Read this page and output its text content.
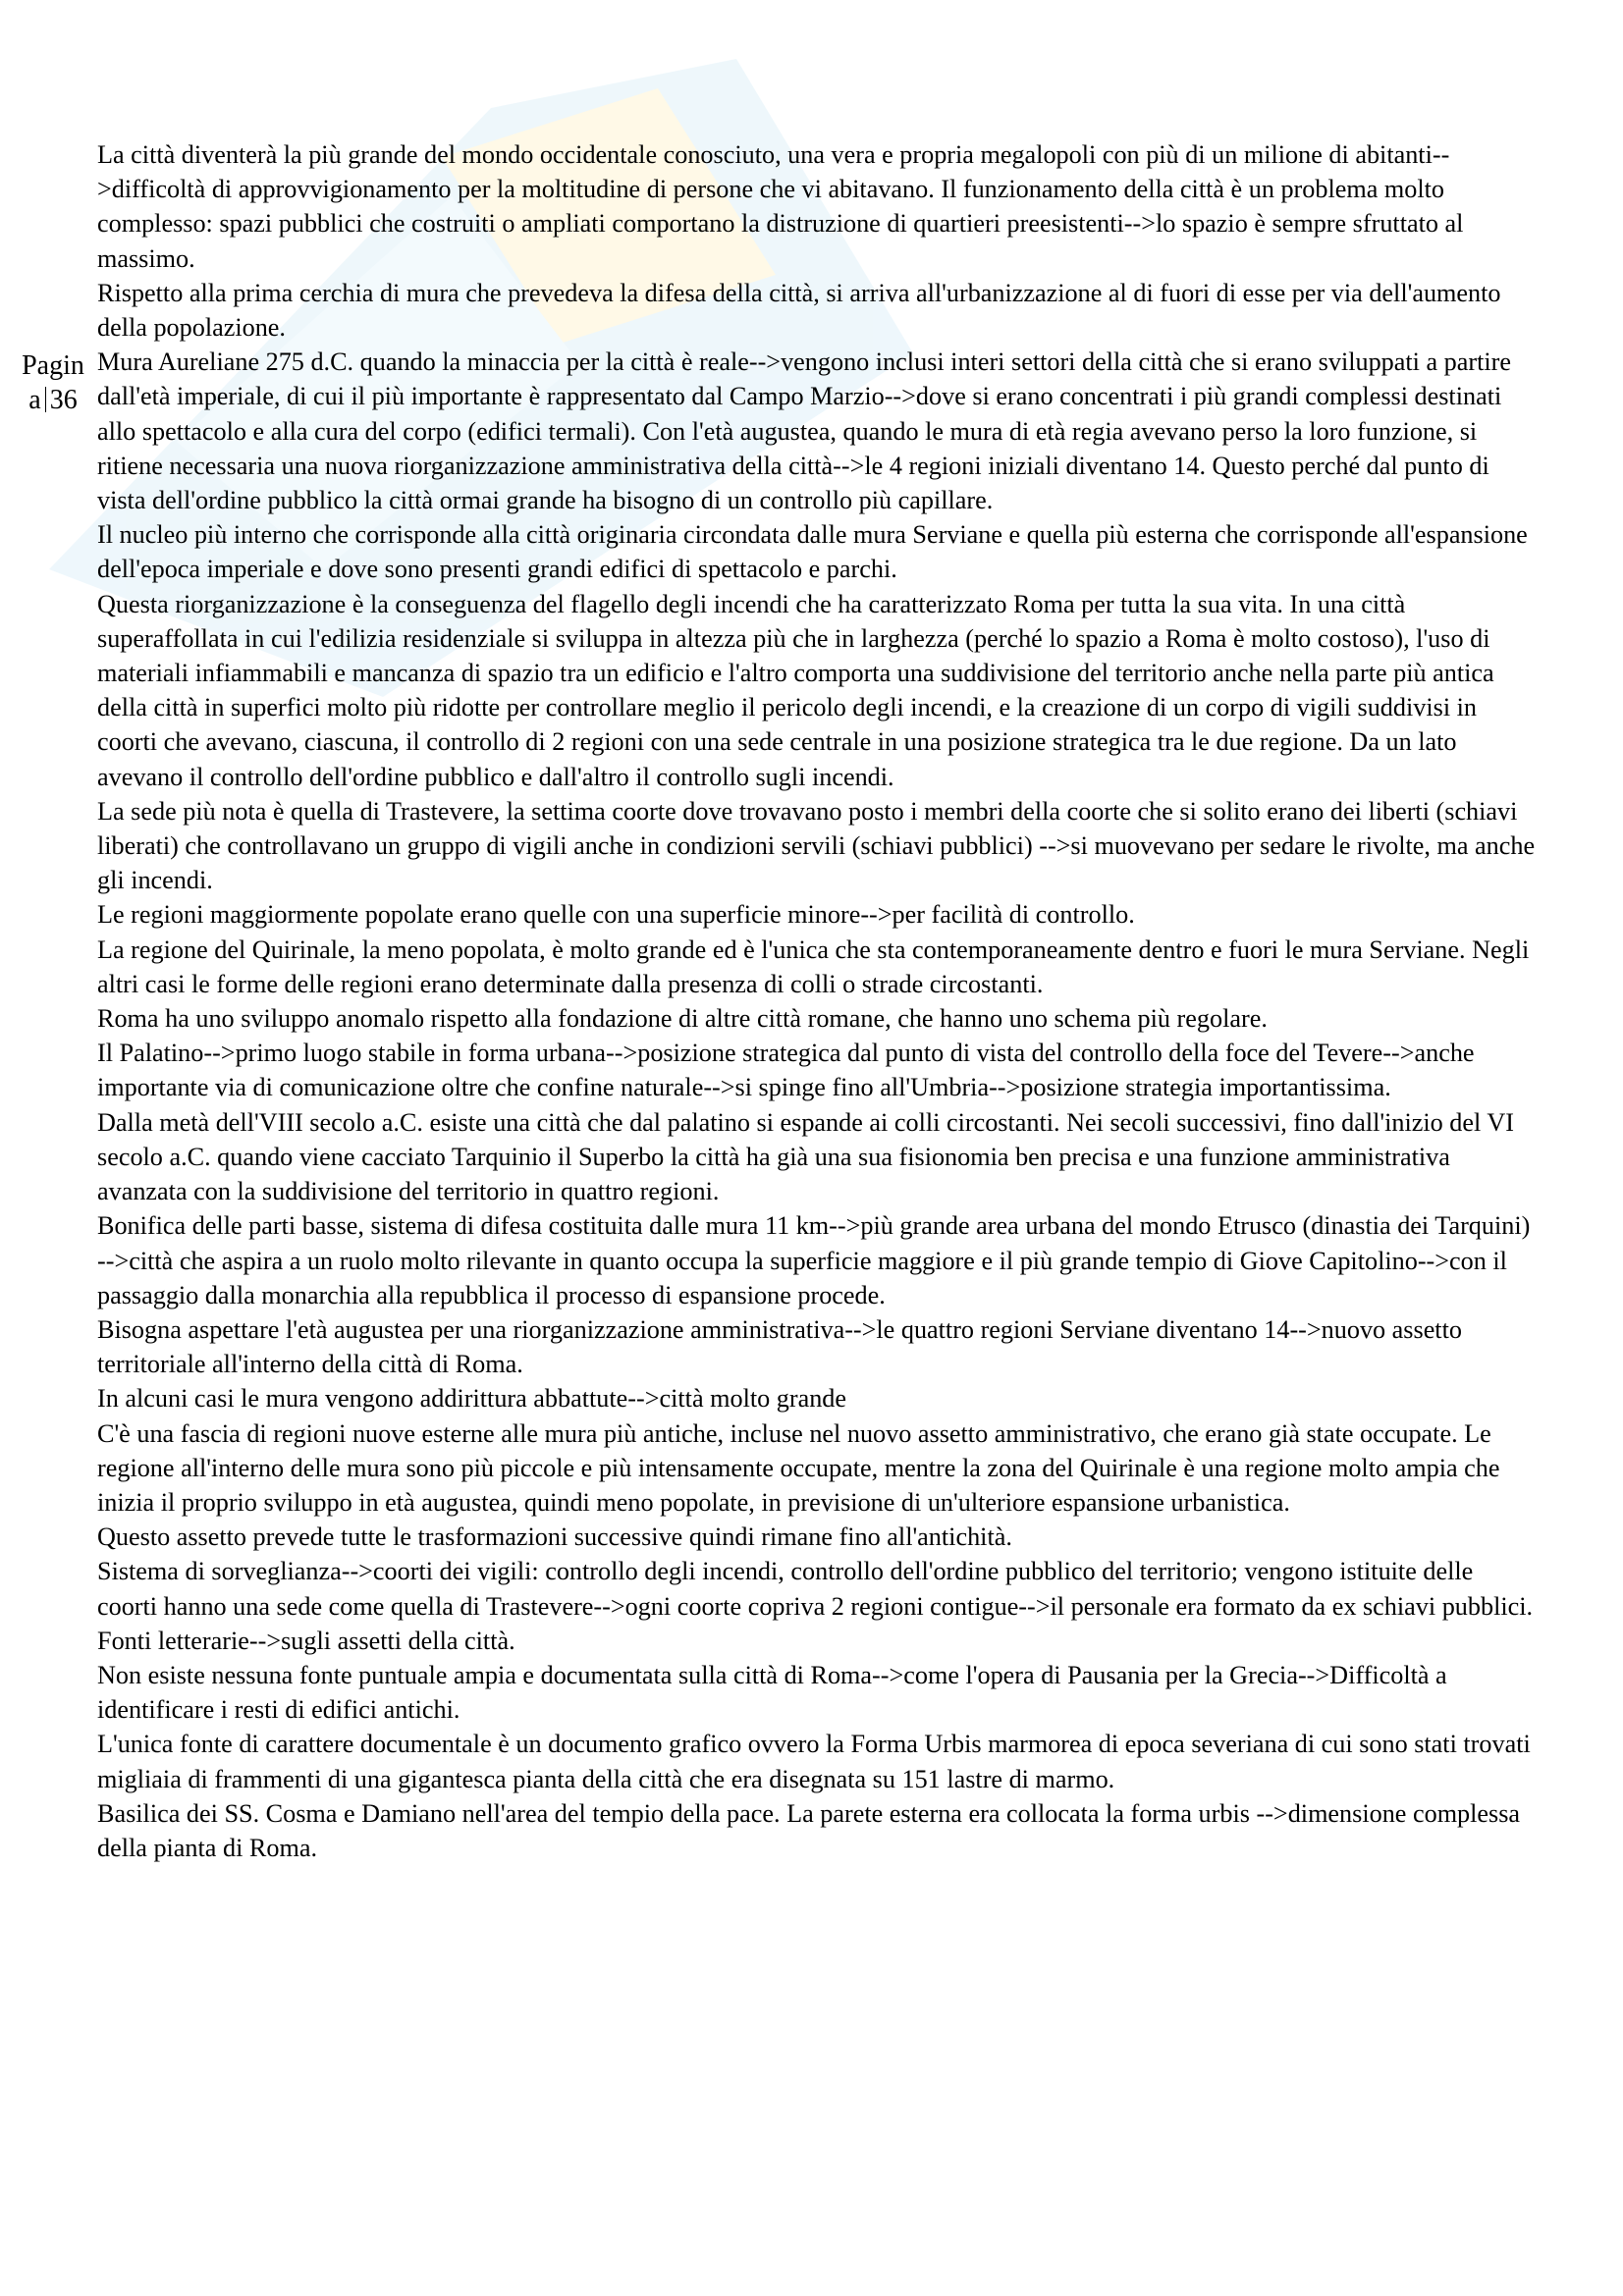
Pagin
a 36

La città diventerà la più grande del mondo occidentale conosciuto, una vera e propria megalopoli con più di un milione di abitanti-->difficoltà di approvvigionamento per la moltitudine di persone che vi abitavano. Il funzionamento della città è un problema molto complesso: spazi pubblici che costruiti o ampliati comportano la distruzione di quartieri preesistenti-->lo spazio è sempre sfruttato al massimo.

Rispetto alla prima cerchia di mura che prevedeva la difesa della città, si arriva all'urbanizzazione al di fuori di esse per via dell'aumento della popolazione.

Mura Aureliane 275 d.C. quando la minaccia per la città è reale-->vengono inclusi interi settori della città che si erano sviluppati a partire dall'età imperiale, di cui il più importante è rappresentato dal Campo Marzio-->dove si erano concentrati i più grandi complessi destinati allo spettacolo e alla cura del corpo (edifici termali). Con l'età augustea, quando le mura di età regia avevano perso la loro funzione, si ritiene necessaria una nuova riorganizzazione amministrativa della città-->le 4 regioni iniziali diventano 14. Questo perché dal punto di vista dell'ordine pubblico la città ormai grande ha bisogno di un controllo più capillare.

Il nucleo più interno che corrisponde alla città originaria circondata dalle mura Serviane e quella più esterna che corrisponde all'espansione dell'epoca imperiale e dove sono presenti grandi edifici di spettacolo e parchi.

Questa riorganizzazione è la conseguenza del flagello degli incendi che ha caratterizzato Roma per tutta la sua vita. In una città superaffollata in cui l'edilizia residenziale si sviluppa in altezza più che in larghezza (perché lo spazio a Roma è molto costoso), l'uso di materiali infiammabili e mancanza di spazio tra un edificio e l'altro comporta una suddivisione del territorio anche nella parte più antica della città in superfici molto più ridotte per controllare meglio il pericolo degli incendi, e la creazione di un corpo di vigili suddivisi in coorti che avevano, ciascuna, il controllo di 2 regioni con una sede centrale in una posizione strategica tra le due regione. Da un lato avevano il controllo dell'ordine pubblico e dall'altro il controllo sugli incendi.

La sede più nota è quella di Trastevere, la settima coorte dove trovavano posto i membri della coorte che si solito erano dei liberti (schiavi liberati) che controllavano un gruppo di vigili anche in condizioni servili (schiavi pubblici) -->si muovevano per sedare le rivolte, ma anche gli incendi.

Le regioni maggiormente popolate erano quelle con una superficie minore-->per facilità di controllo.

La regione del Quirinale, la meno popolata, è molto grande ed è l'unica che sta contemporaneamente dentro e fuori le mura Serviane. Negli altri casi le forme delle regioni erano determinate dalla presenza di colli o strade circostanti.

Roma ha uno sviluppo anomalo rispetto alla fondazione di altre città romane, che hanno uno schema più regolare.

Il Palatino-->primo luogo stabile in forma urbana-->posizione strategica dal punto di vista del controllo della foce del Tevere-->anche importante via di comunicazione oltre che confine naturale-->si spinge fino all'Umbria-->posizione strategia importantissima.

Dalla metà dell'VIII secolo a.C. esiste una città che dal palatino si espande ai colli circostanti. Nei secoli successivi, fino dall'inizio del VI secolo a.C. quando viene cacciato Tarquinio il Superbo la città ha già una sua fisionomia ben precisa e una funzione amministrativa avanzata con la suddivisione del territorio in quattro regioni.

Bonifica delle parti basse, sistema di difesa costituita dalle mura 11 km-->più grande area urbana del mondo Etrusco (dinastia dei Tarquini) -->città che aspira a un ruolo molto rilevante in quanto occupa la superficie maggiore e il più grande tempio di Giove Capitolino-->con il passaggio dalla monarchia alla repubblica il processo di espansione procede.

Bisogna aspettare l'età augustea per una riorganizzazione amministrativa-->le quattro regioni Serviane diventano 14-->nuovo assetto territoriale all'interno della città di Roma.

In alcuni casi le mura vengono addirittura abbattute-->città molto grande

C'è una fascia di regioni nuove esterne alle mura più antiche, incluse nel nuovo assetto amministrativo, che erano già state occupate. Le regione all'interno delle mura sono più piccole e più intensamente occupate, mentre la zona del Quirinale è una regione molto ampia che inizia il proprio sviluppo in età augustea, quindi meno popolate, in previsione di un'ulteriore espansione urbanistica.

Questo assetto prevede tutte le trasformazioni successive quindi rimane fino all'antichità.

Sistema di sorveglianza-->coorti dei vigili: controllo degli incendi, controllo dell'ordine pubblico del territorio; vengono istituite delle coorti hanno una sede come quella di Trastevere-->ogni coorte copriva 2 regioni contigue-->il personale era formato da ex schiavi pubblici.

Fonti letterarie-->sugli assetti della città.

Non esiste nessuna fonte puntuale ampia e documentata sulla città di Roma-->come l'opera di Pausania per la Grecia-->Difficoltà a identificare i resti di edifici antichi.

L'unica fonte di carattere documentale è un documento grafico ovvero la Forma Urbis marmorea di epoca severiana di cui sono stati trovati migliaia di frammenti di una gigantesca pianta della città che era disegnata su 151 lastre di marmo.

Basilica dei SS. Cosma e Damiano nell'area del tempio della pace. La parete esterna era collocata la forma urbis -->dimensione complessa della pianta di Roma.
